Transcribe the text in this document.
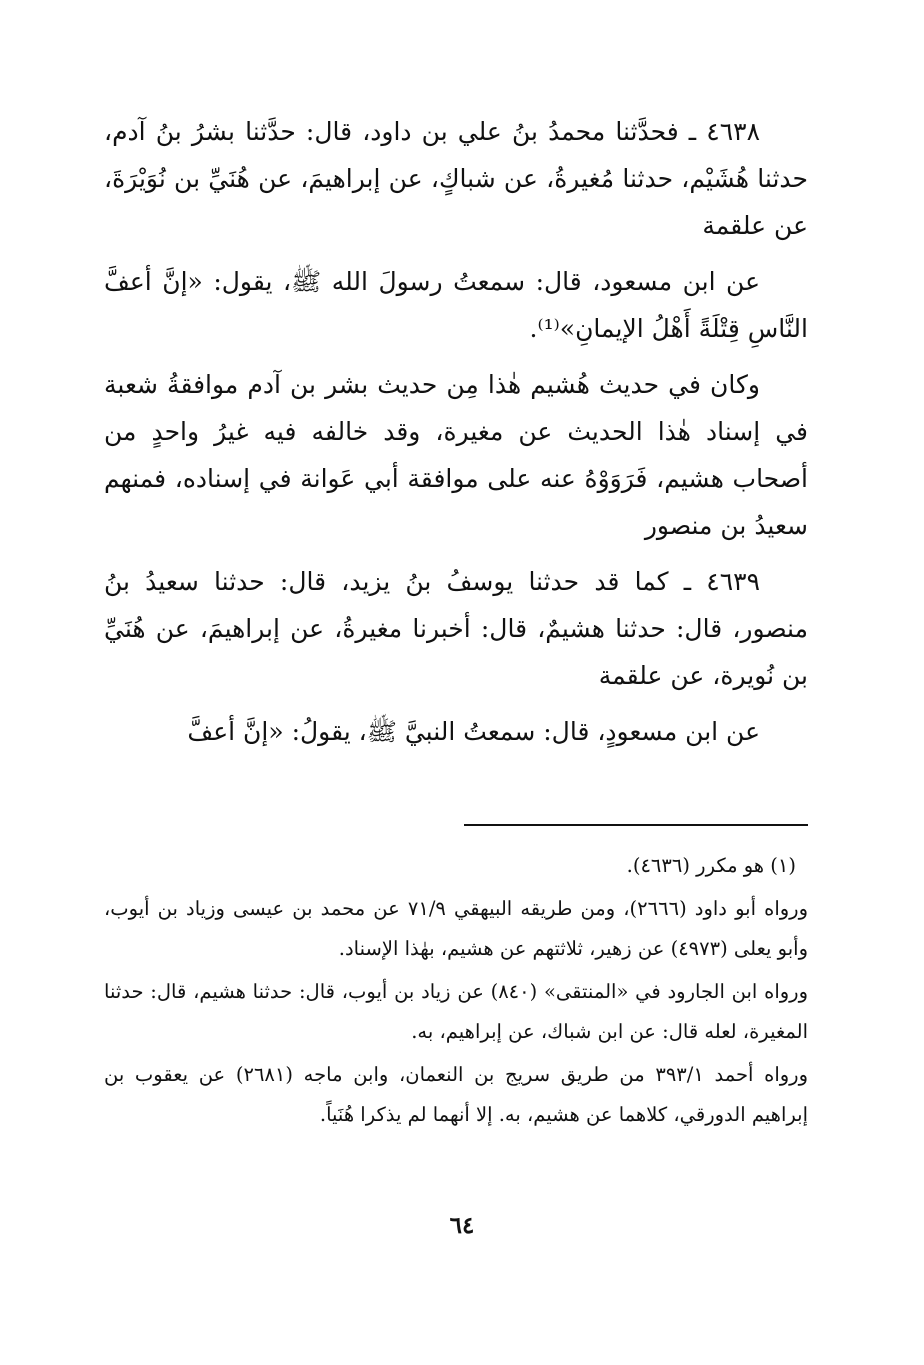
٤٦٣٨ ـ فحدَّثنا محمدُ بنُ علي بن داود، قال: حدَّثنا بشرُ بنُ آدم، حدثنا هُشَيْم، حدثنا مُغيرةُ، عن شباكٍ، عن إبراهيمَ، عن هُنَيِّ بن نُوَيْرَةَ، عن علقمة

عن ابن مسعود، قال: سمعتُ رسولَ الله ﷺ، يقول: «إنَّ أعفَّ النَّاسِ قِتْلَةً أَهْلُ الإيمانِ»⁽¹⁾.

وكان في حديث هُشيم هٰذا مِن حديث بشر بن آدم موافقةُ شعبة في إسناد هٰذا الحديث عن مغيرة، وقد خالفه فيه غيرُ واحدٍ من أصحاب هشيم، فَرَوَوْهُ عنه على موافقة أبي عَوانة في إسناده، فمنهم سعيدُ بن منصور

٤٦٣٩ ـ كما قد حدثنا يوسفُ بنُ يزيد، قال: حدثنا سعيدُ بنُ منصور، قال: حدثنا هشيمٌ، قال: أخبرنا مغيرةُ، عن إبراهيمَ، عن هُنَيِّ بن نُويرة، عن علقمة

عن ابن مسعودٍ، قال: سمعتُ النبيَّ ﷺ، يقولُ: «إنَّ أعفَّ

(١) هو مكرر (٤٦٣٦).

ورواه أبو داود (٢٦٦٦)، ومن طريقه البيهقي ٧١/٩ عن محمد بن عيسى وزياد بن أيوب، وأبو يعلى (٤٩٧٣) عن زهير، ثلاثتهم عن هشيم، بهٰذا الإسناد.

ورواه ابن الجارود في «المنتقى» (٨٤٠) عن زياد بن أيوب، قال: حدثنا هشيم، قال: حدثنا المغيرة، لعله قال: عن ابن شباك، عن إبراهيم، به.

ورواه أحمد ٣٩٣/١ من طريق سريج بن النعمان، وابن ماجه (٢٦٨١) عن يعقوب بن إبراهيم الدورقي، كلاهما عن هشيم، به. إلا أنهما لم يذكرا هُنَياً.

٦٤
